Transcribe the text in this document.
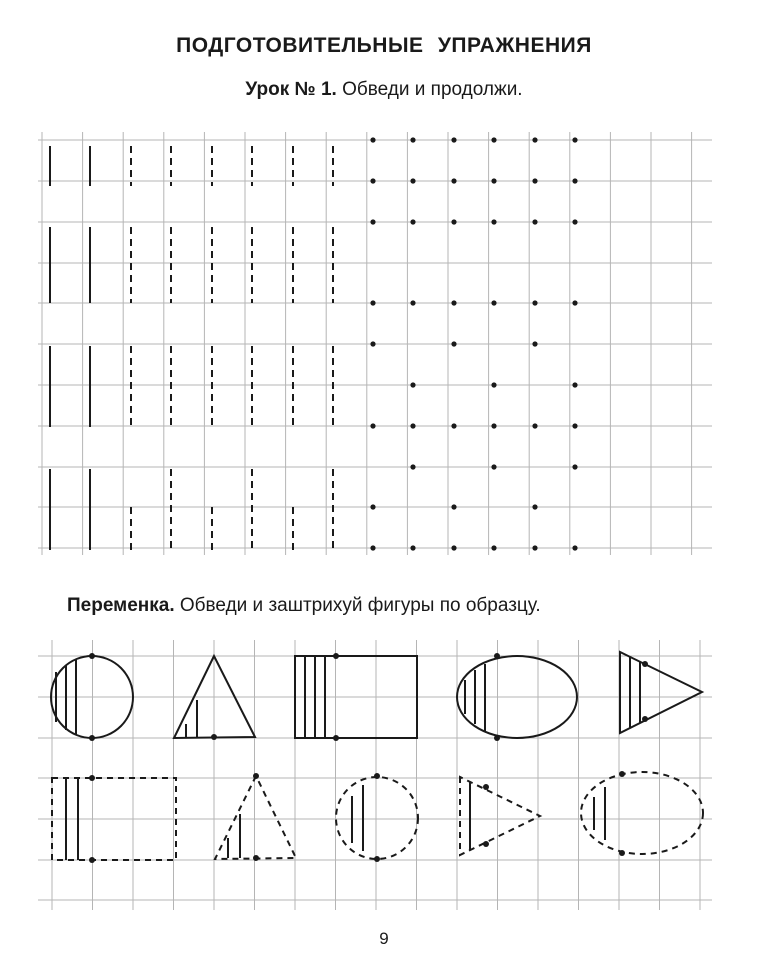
ПОДГОТОВИТЕЛЬНЫЕ УПРАЖНЕНИЯ
Урок № 1. Обведи и продолжи.
Переменка. Обведи и заштрихуй фигуры по образцу.
9
